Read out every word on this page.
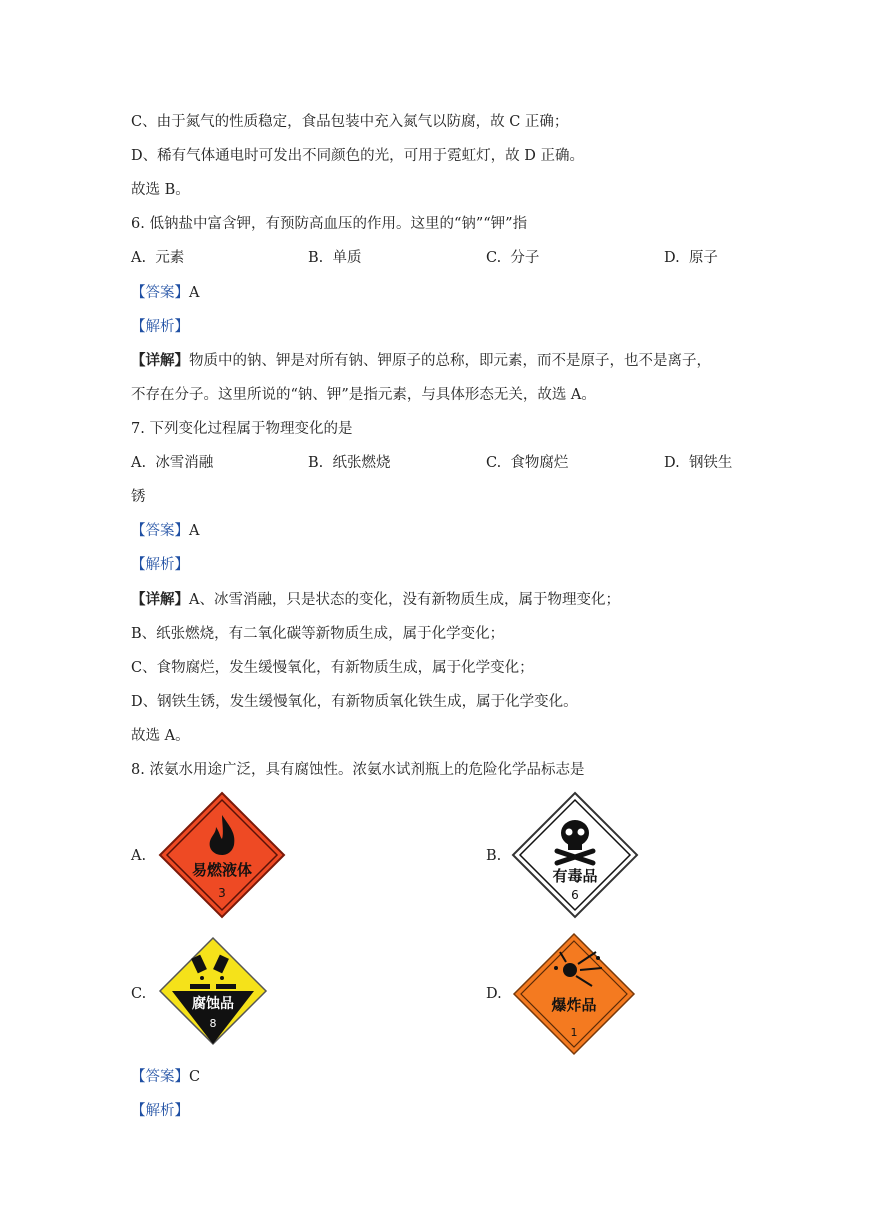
C、由于氮气的性质稳定，食品包装中充入氮气以防腐，故 C 正确；
D、稀有气体通电时可发出不同颜色的光，可用于霓虹灯，故 D 正确。
故选 B。
6. 低钠盐中富含钾，有预防高血压的作用。这里的“钠”“钾”指
A. 元素	B. 单质	C. 分子	D. 原子
【答案】A
【解析】
【详解】物质中的钠、钾是对所有钠、钾原子的总称，即元素，而不是原子，也不是离子，
不存在分子。这里所说的“钠、钾”是指元素，与具体形态无关，故选 A。
7. 下列变化过程属于物理变化的是
A. 冰雪消融	B. 纸张燃烧	C. 食物腐烂	D. 钢铁生
锈
【答案】A
【解析】
【详解】A、冰雪消融，只是状态的变化，没有新物质生成，属于物理变化；
B、纸张燃烧，有二氧化碳等新物质生成，属于化学变化；
C、食物腐烂，发生缓慢氧化，有新物质生成，属于化学变化；
D、钢铁生锈，发生缓慢氧化，有新物质氧化铁生成，属于化学变化。
故选 A。
8. 浓氨水用途广泛，具有腐蚀性。浓氨水试剂瓶上的危险化学品标志是
A.
易燃液体
3
B.
有毒品
6
C.
腐蚀品
8
D.
爆炸品
1
【答案】C
【解析】
